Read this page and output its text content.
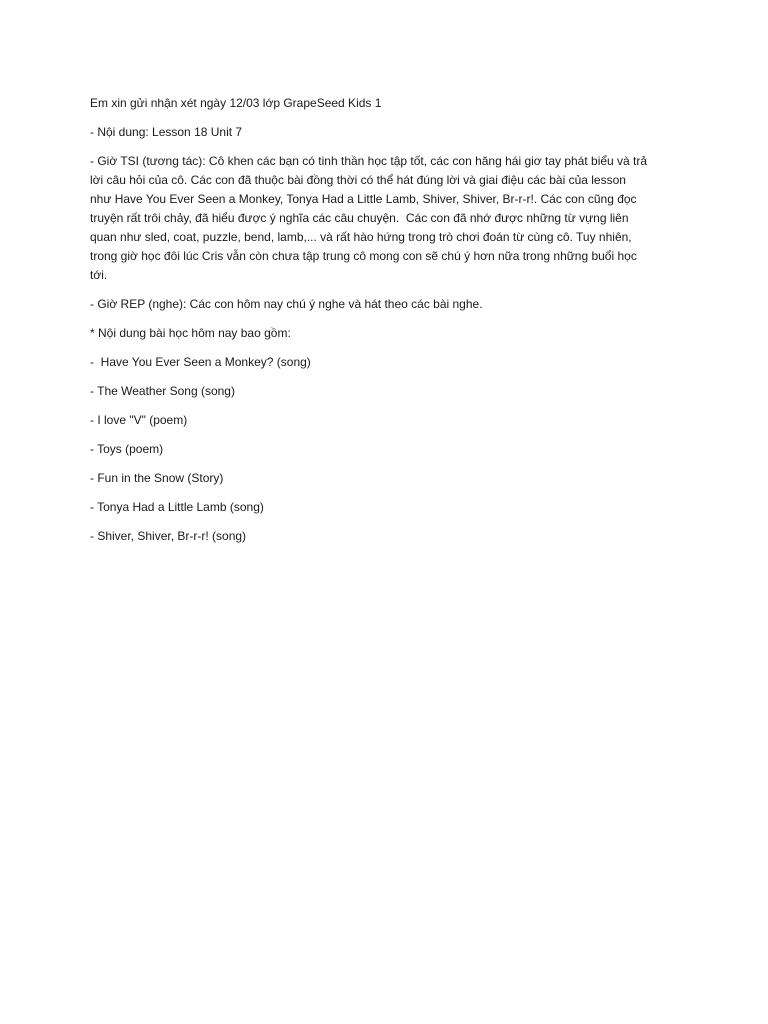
Em xin gửi nhận xét ngày 12/03 lớp GrapeSeed Kids 1

- Nội dung: Lesson 18 Unit 7

- Giờ TSI (tương tác): Cô khen các bạn có tinh thần học tập tốt, các con hăng hái giơ tay phát biểu và trả lời câu hỏi của cô. Các con đã thuộc bài đồng thời có thể hát đúng lời và giai điệu các bài của lesson như Have You Ever Seen a Monkey, Tonya Had a Little Lamb, Shiver, Shiver, Br-r-r!. Các con cũng đọc truyện rất trôi chảy, đã hiểu được ý nghĩa các câu chuyện.  Các con đã nhớ được những từ vựng liên quan như sled, coat, puzzle, bend, lamb,... và rất hào hứng trong trò chơi đoán từ cùng cô. Tuy nhiên, trong giờ học đôi lúc Cris vẫn còn chưa tập trung cô mong con sẽ chú ý hơn nữa trong những buổi học tới.

- Giờ REP (nghe): Các con hôm nay chú ý nghe và hát theo các bài nghe.

* Nội dung bài học hôm nay bao gồm:

-  Have You Ever Seen a Monkey? (song)

- The Weather Song (song)

- I love "V" (poem)

- Toys (poem)

- Fun in the Snow (Story)

- Tonya Had a Little Lamb (song)

- Shiver, Shiver, Br-r-r! (song)
